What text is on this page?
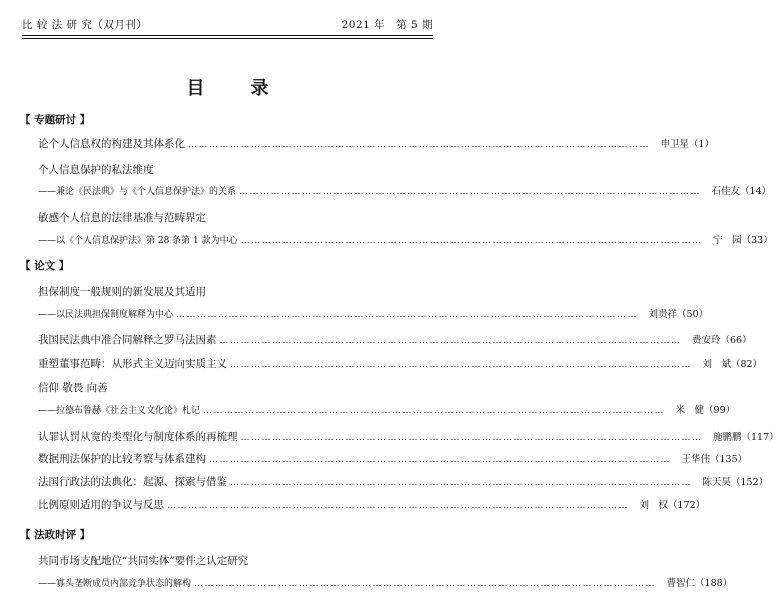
比 较 法 研 究（双月刊）	2021 年　第 5 期
目　录
【 专题研讨 】
论个人信息权的构建及其体系化 ……………………………………………………………………………………………………………………	申卫星 （ 1 ）
个人信息保护的私法维度
——兼论《民法典》与《个人信息保护法》的关系 ……………………………………………………………………………………………………………………	石佳友 （ 14 ）
敏感个人信息的法律基准与范畴界定
——以《个人信息保护法》第 28 条第 1 款为中心 ……………………………………………………………………………………………………………………	宁　园 （ 33 ）
【 论文 】
担保制度一般规则的新发展及其适用
——以民法典担保制度解释为中心 ……………………………………………………………………………………………………………………	刘贵祥 （ 50 ）
我国民法典中准合同解释之罗马法因素 ……………………………………………………………………………………………………………………	费安玲 （ 66 ）
重塑董事范畴：从形式主义迈向实质主义 ……………………………………………………………………………………………………………………	刘　斌 （ 82 ）
信仰 敬畏 向善
——拉德布鲁赫《社会主义文化论》札记 ……………………………………………………………………………………………………………………	米　健 （ 99 ）
认罪认罚从宽的类型化与制度体系的再梳理 ……………………………………………………………………………………………………………………	施鹏鹏 （ 117 ）
数据刑法保护的比较考察与体系建构 ……………………………………………………………………………………………………………………	王华伟 （ 135 ）
法国行政法的法典化：起源、探索与借鉴 ……………………………………………………………………………………………………………………	陈天昊 （ 152 ）
比例原则适用的争议与反思 ……………………………………………………………………………………………………………………	刘　权 （ 172 ）
【 法政时评 】
共同市场支配地位“共同实体”要件之认定研究
——寡头垄断成员内部竞争状态的解构 ……………………………………………………………………………………………………………………	曹智仁 （ 188 ）
